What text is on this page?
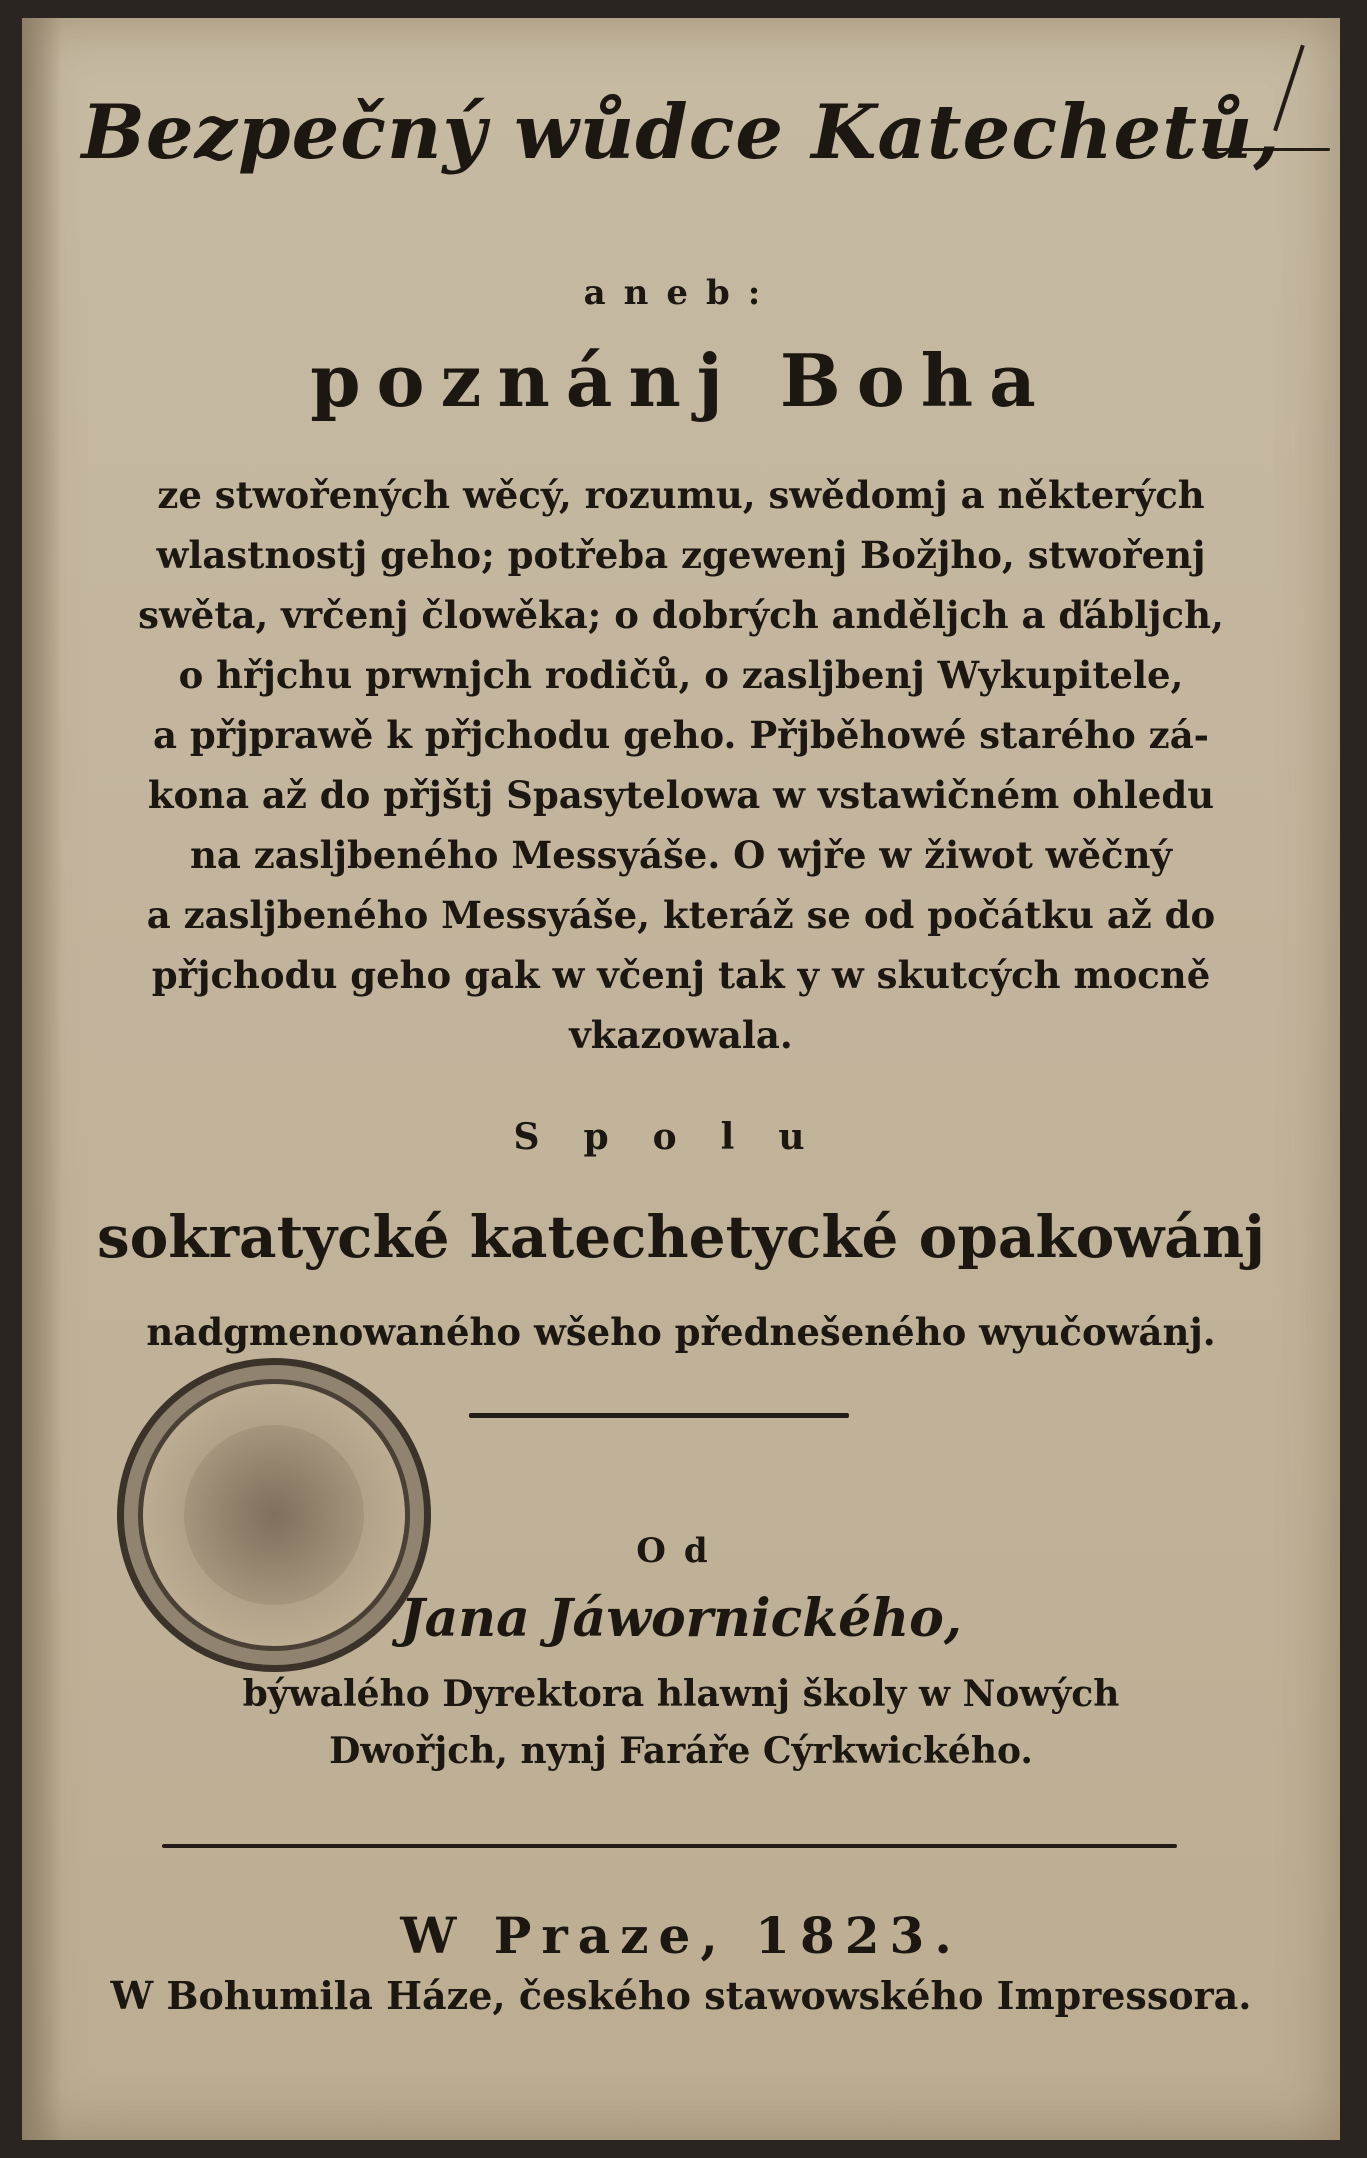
Bezpečný wůdce Katechetů,
aneb:
poznánj Boha
ze stwořených wěcý, rozumu, swědomj a některých
wlastnostj geho; potřeba zgewenj Božjho, stwořenj
swěta, vrčenj člowěka; o dobrých anděljch a ďábljch,
o hřjchu prwnjch rodičů, o zasljbenj Wykupitele,
a přjprawě k přjchodu geho. Přjběhowé starého zá-
kona až do přjštj Spasytelowa w vstawičném ohledu
na zasljbeného Messyáše. O wjře w žiwot wěčný
a zasljbeného Messyáše, kteráž se od počátku až do
přjchodu geho gak w včenj tak y w skutcých mocně
vkazowala.
Spolu
sokratycké katechetycké opakowánj
nadgmenowaného wšeho přednešeného wyučowánj.
Od
Jana Jáwornického,
býwalého Dyrektora hlawnj školy w Nowých
Dwořjch, nynj Faráře Cýrkwického.
W Praze, 1823.
W Bohumila Háze, českého stawowského Impressora.
